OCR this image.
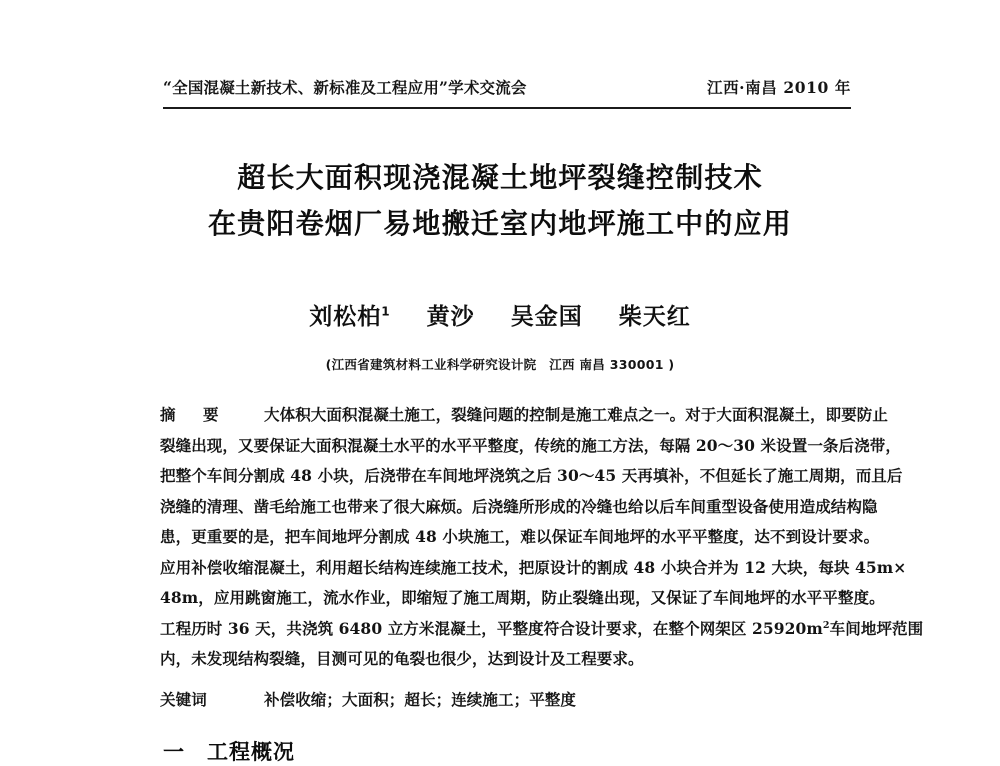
“全国混凝土新技术、新标准及工程应用”学术交流会	江西·南昌 2010 年
超长大面积现浇混凝土地坪裂缝控制技术
在贵阳卷烟厂易地搬迁室内地坪施工中的应用
刘松柏$^1$ 黄沙 吴金国 柴天红
(江西省建筑材料工业科学研究设计院　江西 南昌 330001 )
摘　要	大体积大面积混凝土施工，裂缝问题的控制是施工难点之一。对于大面积混凝土，即要防止
裂缝出现，又要保证大面积混凝土水平的水平平整度，传统的施工方法，每隔 20～30 米设置一条后浇带，
把整个车间分割成 48 小块，后浇带在车间地坪浇筑之后 30～45 天再填补，不但延长了施工周期，而且后
浇缝的清理、凿毛给施工也带来了很大麻烦。后浇缝所形成的冷缝也给以后车间重型设备使用造成结构隐
患，更重要的是，把车间地坪分割成 48 小块施工，难以保证车间地坪的水平平整度，达不到设计要求。
应用补偿收缩混凝土，利用超长结构连续施工技术，把原设计的割成 48 小块合并为 12 大块，每块 45m×
48m，应用跳窗施工，流水作业，即缩短了施工周期，防止裂缝出现，又保证了车间地坪的水平平整度。
工程历时 36 天，共浇筑 6480 立方米混凝土，平整度符合设计要求，在整个网架区 $25920m^2$车间地坪范围
内，未发现结构裂缝，目测可见的龟裂也很少，达到设计及工程要求。
关键词	补偿收缩；大面积；超长；连续施工；平整度
一 工程概况
